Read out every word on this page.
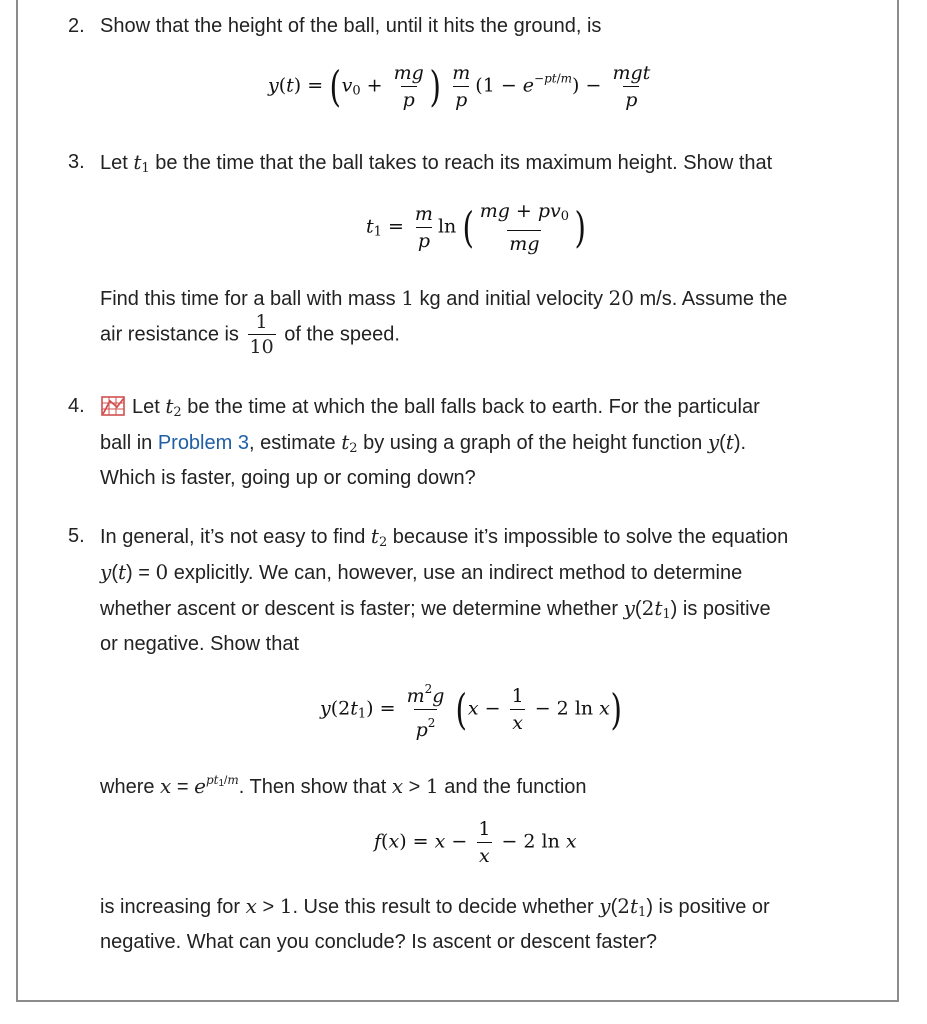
2. Show that the height of the ball, until it hits the ground, is
$y(t) = (v_0 + \frac{mg}{p}$ ) $\frac{m}{p} (1 - e^{-pt/m}) - \frac{\text{mgt}}{p}$
3. Let $t_1$ be the time that the ball takes to reach its maximum height. Show that
$t_1 = \frac{m}{p}$ ln ( $\frac{mg + pv_0}{mg}$ )
Find this time for a ball with mass 1 kg and initial velocity 20 m/s. Assume the
air resistance is $\frac{1}{10}$ of the speed.
4.	Let $t_2$ be the time at which the ball falls back to earth. For the particular
ball in Problem 3, estimate $t_2$ by using a graph of the height function y(t).
Which is faster, going up or coming down?
5. In general, it’s not easy to find $t_2$ because it’s impossible to solve the equation
y(t) = 0 explicitly. We can, however, use an indirect method to determine
whether ascent or descent is faster; we determine whether $y(2t_1)$ is positive
or negative. Show that
$y(2t_1) = \frac{m^2g}{p^2} (x - \frac{1}{x} - 2$ ln x)
where $x = e^{pt_1/m}$. Then show that x > 1 and the function
$f(x) = x - \frac{1}{x} - 2$ ln x
is increasing for x > 1. Use this result to decide whether $y(2t_1)$ is positive or
negative. What can you conclude? Is ascent or descent faster?
